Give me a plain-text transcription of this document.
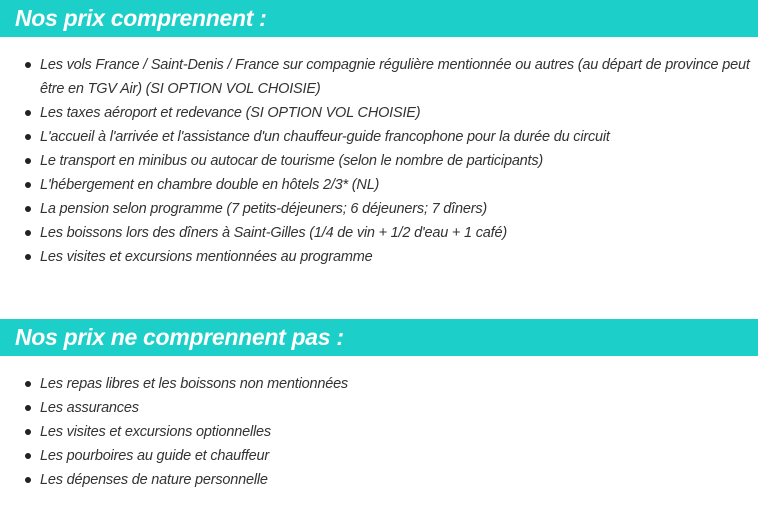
Nos prix comprennent :
Les vols France / Saint-Denis / France sur compagnie régulière mentionnée ou autres (au départ de province peut être en TGV Air) (SI OPTION VOL CHOISIE)
Les taxes aéroport et redevance (SI OPTION VOL CHOISIE)
L'accueil à l'arrivée et l'assistance d'un chauffeur-guide francophone pour la durée du circuit
Le transport en minibus ou autocar de tourisme (selon le nombre de participants)
L'hébergement en chambre double en hôtels 2/3* (NL)
La pension selon programme (7 petits-déjeuners; 6 déjeuners; 7 dîners)
Les boissons lors des dîners à Saint-Gilles (1/4 de vin + 1/2 d'eau + 1 café)
Les visites et excursions mentionnées au programme
Nos prix ne comprennent pas :
Les repas libres et les boissons non mentionnées
Les assurances
Les visites et excursions optionnelles
Les pourboires au guide et chauffeur
Les dépenses de nature personnelle
